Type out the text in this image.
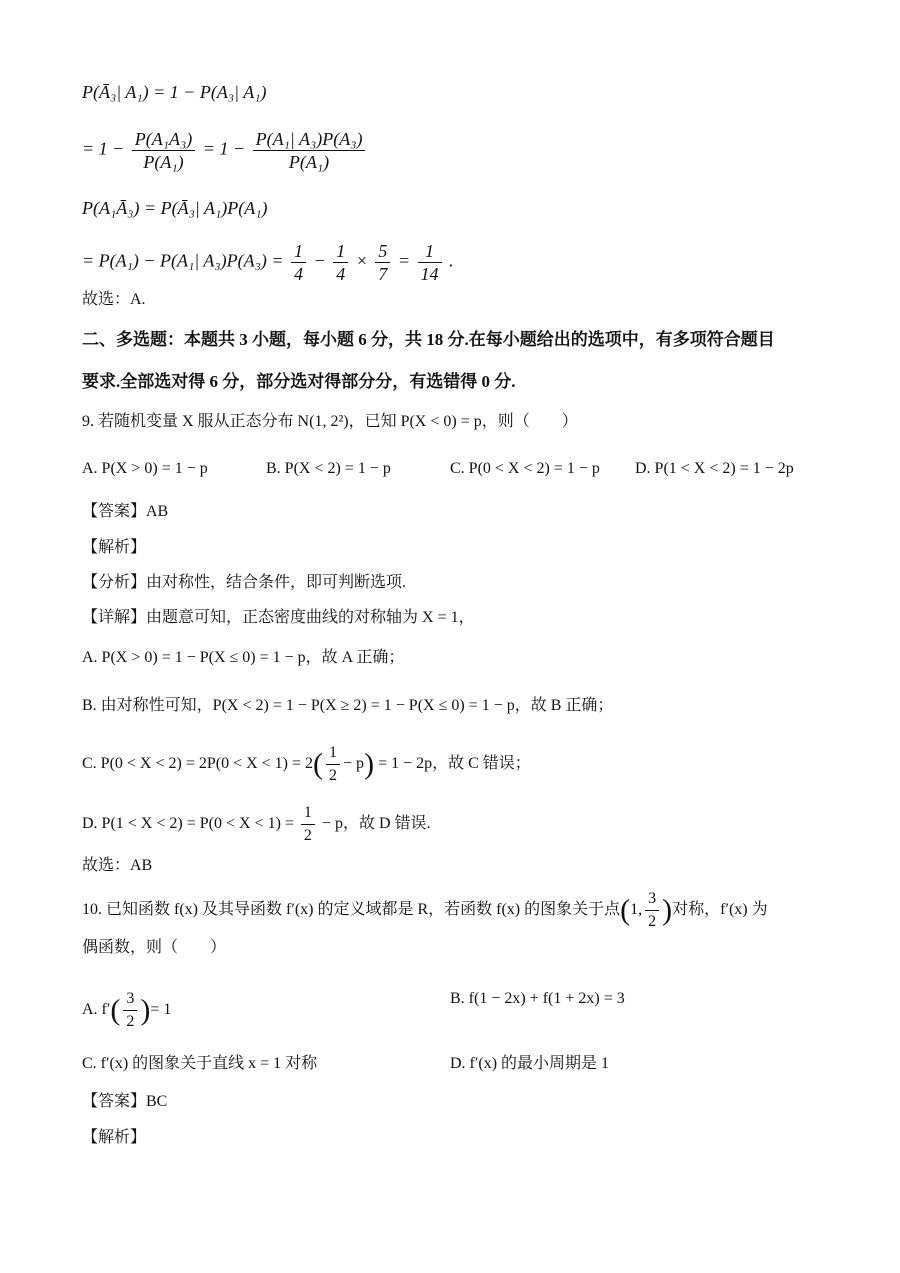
P(Ā₃| A₁) = 1 − P(A₃| A₁)
= $1 - \frac{\text{P(A₁A₃)}}{\text{P(A₁)}} = 1 - \frac{\text{P(A₁| A₃)P(A₃)}}{\text{P(A₁)}}$
P(A₁Ā₃) = P(Ā₃| A₁)P(A₁)
= P(A₁) − P(A₁| $A_3)P(A_3) = \frac{1}{4} - \frac{1}{4} \times \frac{5}{7} = \frac{1}{14}$ .
故选：A.
二、多选题：本题共 3 小题，每小题 6 分，共 18 分.在每小题给出的选项中，有多项符合题目
要求.全部选对得 6 分，部分选对得部分分，有选错得 0 分.
9. 若随机变量 X 服从正态分布 N(1, 2²)，已知 P(X < 0) = p，则（　　）
A. P(X > 0) = 1 − p	B. P(X < 2) = 1 − p	C. P(0 < X < 2) = 1 − p D. P(1 < X < 2) = 1 − 2p
【答案】AB
【解析】
【分析】由对称性，结合条件，即可判断选项.
【详解】由题意可知，正态密度曲线的对称轴为 X = 1，
A. P(X > 0) = 1 − P(X ≤ 0) = 1 − p，故 A 正确；
B. 由对称性可知，P(X < 2) = 1 − P(X ≥ 2) = 1 − P(X ≤ 0) = 1 − p，故 B 正确；
C. $P(0 < X < 2) = 2P(0 < X < 1) = 2( \frac{1}{2} - p) = 1 - 2p$，故 C 错误；
D. $P(1 < X < 2) = P(0 < X < 1) = \frac{1}{2} - p$，故 D 错误.
故选：AB
10. 已知函数 f(x) 及其导函数 f′(x) 的定义域都是 R，若函数 f(x) 的图象关于点(1, $\frac{3}{2}$ )对称，f′(x) 为
偶函数，则（　　）
A. $f'( \frac{3}{2}$ )= 1
B. f(1 − 2x) + f(1 + 2x) = 3
C. f′(x) 的图象关于直线 x = 1 对称	D. f′(x) 的最小周期是 1
【答案】BC
【解析】
